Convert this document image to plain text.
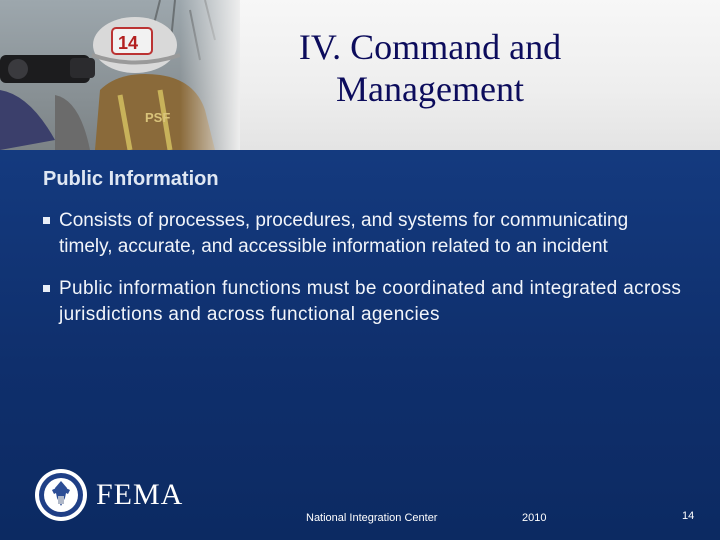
IV. Command and
Management
Public Information
Consists of processes, procedures, and systems for communicating timely, accurate, and accessible information related to an incident
Public information functions must be coordinated and integrated across jurisdictions and across functional agencies
FEMA
National Integration Center	2010	14
